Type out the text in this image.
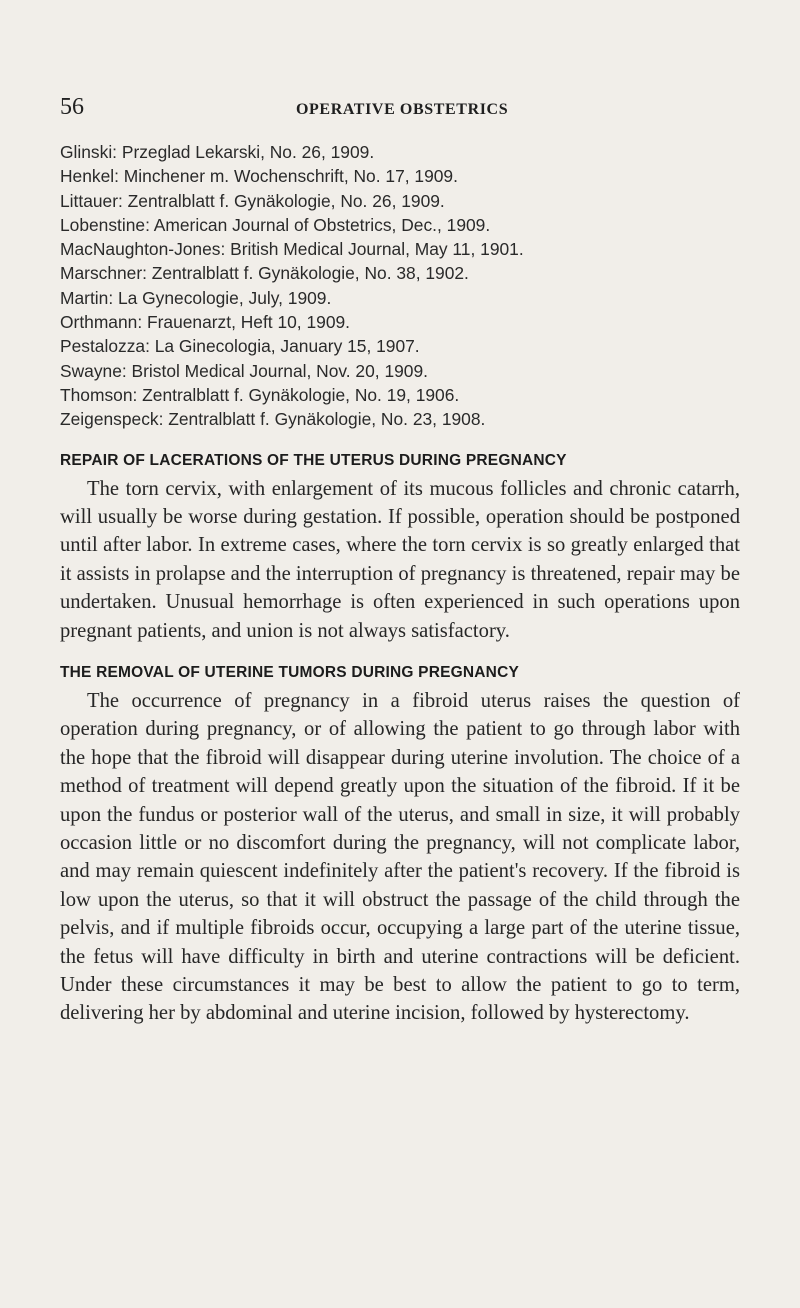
56	OPERATIVE OBSTETRICS
Glinski: Przeglad Lekarski, No. 26, 1909.
Henkel: Minchener m. Wochenschrift, No. 17, 1909.
Littauer: Zentralblatt f. Gynäkologie, No. 26, 1909.
Lobenstine: American Journal of Obstetrics, Dec., 1909.
MacNaughton-Jones: British Medical Journal, May 11, 1901.
Marschner: Zentralblatt f. Gynäkologie, No. 38, 1902.
Martin: La Gynecologie, July, 1909.
Orthmann: Frauenarzt, Heft 10, 1909.
Pestalozza: La Ginecologia, January 15, 1907.
Swayne: Bristol Medical Journal, Nov. 20, 1909.
Thomson: Zentralblatt f. Gynäkologie, No. 19, 1906.
Zeigenspeck: Zentralblatt f. Gynäkologie, No. 23, 1908.
REPAIR OF LACERATIONS OF THE UTERUS DURING PREGNANCY

The torn cervix, with enlargement of its mucous follicles and chronic catarrh, will usually be worse during gestation. If possible, operation should be postponed until after labor. In extreme cases, where the torn cervix is so greatly enlarged that it assists in prolapse and the interruption of pregnancy is threatened, repair may be undertaken. Unusual hemorrhage is often experienced in such operations upon pregnant patients, and union is not always satisfactory.

THE REMOVAL OF UTERINE TUMORS DURING PREGNANCY

The occurrence of pregnancy in a fibroid uterus raises the question of operation during pregnancy, or of allowing the patient to go through labor with the hope that the fibroid will disappear during uterine involution. The choice of a method of treatment will depend greatly upon the situation of the fibroid. If it be upon the fundus or posterior wall of the uterus, and small in size, it will probably occasion little or no discomfort during the pregnancy, will not complicate labor, and may remain quiescent indefinitely after the patient's recovery. If the fibroid is low upon the uterus, so that it will obstruct the passage of the child through the pelvis, and if multiple fibroids occur, occupying a large part of the uterine tissue, the fetus will have difficulty in birth and uterine contractions will be deficient. Under these circumstances it may be best to allow the patient to go to term, delivering her by abdominal and uterine incision, followed by hysterectomy.
